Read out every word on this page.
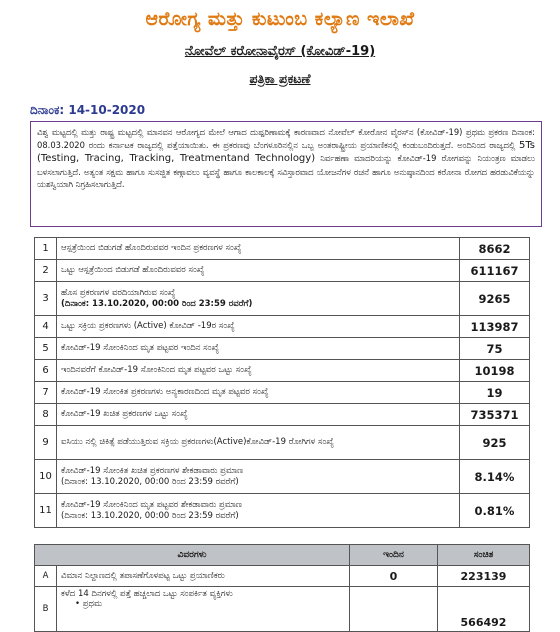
ಆರೋಗ್ಯ ಮತ್ತು ಕುಟುಂಬ ಕಲ್ಯಾಣ ಇಲಾಖೆ
ನೋವೆಲ್ ಕರೋನಾವೈರಸ್ (ಕೋವಿಡ್-19)
ಪತ್ರಿಕಾ ಪ್ರಕಟಣೆ
ದಿನಾಂಕ: 14-10-2020
ವಿಶ್ವ ಮಟ್ಟದಲ್ಲಿ ಮತ್ತು ರಾಷ್ಟ್ರ ಮಟ್ಟದಲ್ಲಿ ಮಾನವನ ಆರೋಗ್ಯದ ಮೇಲೆ ಆಗಾದ ದುಷ್ಪರಿಣಾಮಕ್ಕೆ ಕಾರಣವಾದ ನೋವೆಲ್ ಕೋರೋನ ವೈರಸ್‌ನ (ಕೋವಿಡ್-19) ಪ್ರಥಮ ಪ್ರಕರಣ ದಿನಾಂಕ: 08.03.2020 ರಂದು ಕರ್ನಾಟಕ ರಾಜ್ಯದಲ್ಲಿ ಪತ್ತೆಯಾಯಿತು. ಈ ಪ್ರಕರಣವು ಬೆಂಗಳೂರಿನಲ್ಲಿನ ಒಬ್ಬ ಅಂತರಾಷ್ಟ್ರೀಯ ಪ್ರಯಾಣಿಕನಲ್ಲಿ ಕಂಡುಬಂದಿರುತ್ತದೆ. ಅಂದಿನಿಂದ ರಾಜ್ಯದಲ್ಲಿ 5Ts (Testing, Tracing, Tracking, Treatmentand Technology) ನಿರ್ವಹಣಾ ಮಾದರಿಯನ್ನು ಕೋವಿಡ್-19 ರೋಗವನ್ನು ನಿಯಂತ್ರಣ ಮಾಡಲು ಬಳಸಲಾಗುತ್ತಿದೆ. ಅತ್ಯಂತ ಸಕ್ಷಮ ಹಾಗೂ ಸುಸಜ್ಜಿತ ಕಣ್ಗಾವಲು ವ್ಯವಸ್ಥೆ ಹಾಗೂ ಕಾಲಕಾಲಕ್ಕೆ ಸವಿಸ್ತಾರವಾದ ಯೋಜನೆಗಳ ರಚನೆ ಹಾಗೂ ಅನುಷ್ಠಾನದಿಂದ ಕರೋನಾ ರೋಗದ ಹರಡುವಿಕೆಯನ್ನು ಯಶಸ್ವಿಯಾಗಿ ನಿಗ್ರಹಿಸಲಾಗುತ್ತಿದೆ.
1	ಆಸ್ಪತ್ರೆಯಿಂದ ಬಿಡುಗಡೆ ಹೊಂದಿರುವವರ ಇಂದಿನ ಪ್ರಕರಣಗಳ ಸಂಖ್ಯೆ	8662
2	ಒಟ್ಟು ಆಸ್ಪತ್ರೆಯಿಂದ ಬಿಡುಗಡೆ ಹೊಂದಿರುವವರ ಸಂಖ್ಯೆ	611167
3	ಹೊಸ ಪ್ರಕರಣಗಳ ವರದಿಯಾಗಿರುವ ಸಂಖ್ಯೆ
(ದಿನಾಂಕ: 13.10.2020, 00:00 ರಿಂದ 23:59 ರವರೆಗೆ)	9265
4	ಒಟ್ಟು ಸಕ್ರಿಯ ಪ್ರಕರಣಗಳು (Active) ಕೋವಿಡ್ -19ರ ಸಂಖ್ಯೆ	113987
5	ಕೋವಿಡ್-19 ಸೋಂಕಿನಿಂದ ಮೃತ ಪಟ್ಟವರ ಇಂದಿನ ಸಂಖ್ಯೆ	75
6	ಇಂದಿನವರೆಗೆ ಕೋವಿಡ್-19 ಸೋಂಕಿನಿಂದ ಮೃತ ಪಟ್ಟವರ ಒಟ್ಟು ಸಂಖ್ಯೆ	10198
7	ಕೋವಿಡ್-19 ಸೋಂಕಿತ ಪ್ರಕರಣಗಳು ಅನ್ಯಕಾರಣದಿಂದ ಮೃತ ಪಟ್ಟವರ ಸಂಖ್ಯೆ	19
8	ಕೋವಿಡ್-19 ಖಚಿತ ಪ್ರಕರಣಗಳ ಒಟ್ಟು ಸಂಖ್ಯೆ	735371
9	ಐಸಿಯು ನಲ್ಲಿ ಚಿಕಿತ್ಸೆ ಪಡೆಯುತ್ತಿರುವ ಸಕ್ರಿಯ ಪ್ರಕರಣಗಳು(Active)ಕೋವಿಡ್-19 ರೋಗಿಗಳ ಸಂಖ್ಯೆ	925
10	ಕೋವಿಡ್-19 ಸೋಂಕಿತ ಖಚಿತ ಪ್ರಕರಣಗಳ ಶೇಕಡಾವಾರು ಪ್ರಮಾಣ
(ದಿನಾಂಕ: 13.10.2020, 00:00 ರಿಂದ 23:59 ರವರೆಗೆ)	8.14%
11	ಕೋವಿಡ್-19 ಸೋಂಕಿನಿಂದ ಮೃತ ಪಟ್ಟವರ ಶೇಕಡಾವಾರು ಪ್ರಮಾಣ
(ದಿನಾಂಕ: 13.10.2020, 00:00 ರಿಂದ 23:59 ರವರೆಗೆ)	0.81%
ವಿವರಗಳು		ಇಂದಿನ	ಸಂಚಿತ
A	ವಿಮಾನ ನಿಲ್ದಾಣದಲ್ಲಿ ತಪಾಸಣೆಗೊಳಪಟ್ಟ ಒಟ್ಟು ಪ್ರಯಾಣಿಕರು	0	223139
B	ಕಳೆದ 14 ದಿನಗಳಲ್ಲಿ ಪತ್ತೆ ಹಚ್ಚಲಾದ ಒಟ್ಟು ಸಂಪರ್ಕಿತ ವ್ಯಕ್ತಿಗಳು
• ಪ್ರಥಮ		566492
